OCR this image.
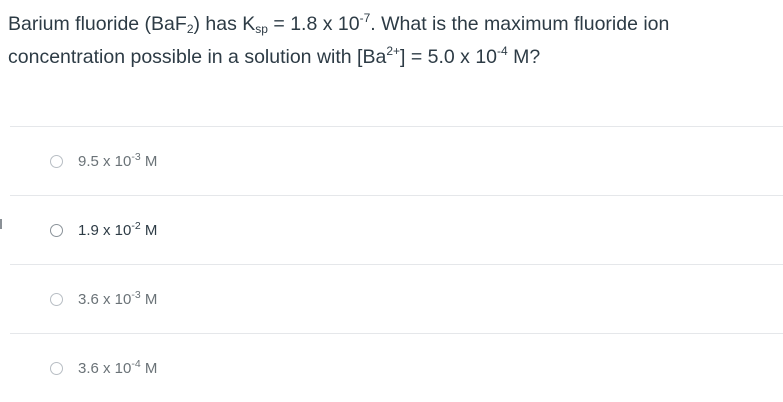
Barium fluoride (BaF$_2$) has $K_{sp} = 1.8$ x $10^{-7}$. What is the maximum fluoride ion
concentration possible in a solution with $[Ba^{2+}] = 5.0$ x $10^{-4}$ M?
9.5 x $10^{-3}$ M
1.9 x $10^{-2}$ M
3.6 x $10^{-3}$ M
3.6 x $10^{-4}$ M
